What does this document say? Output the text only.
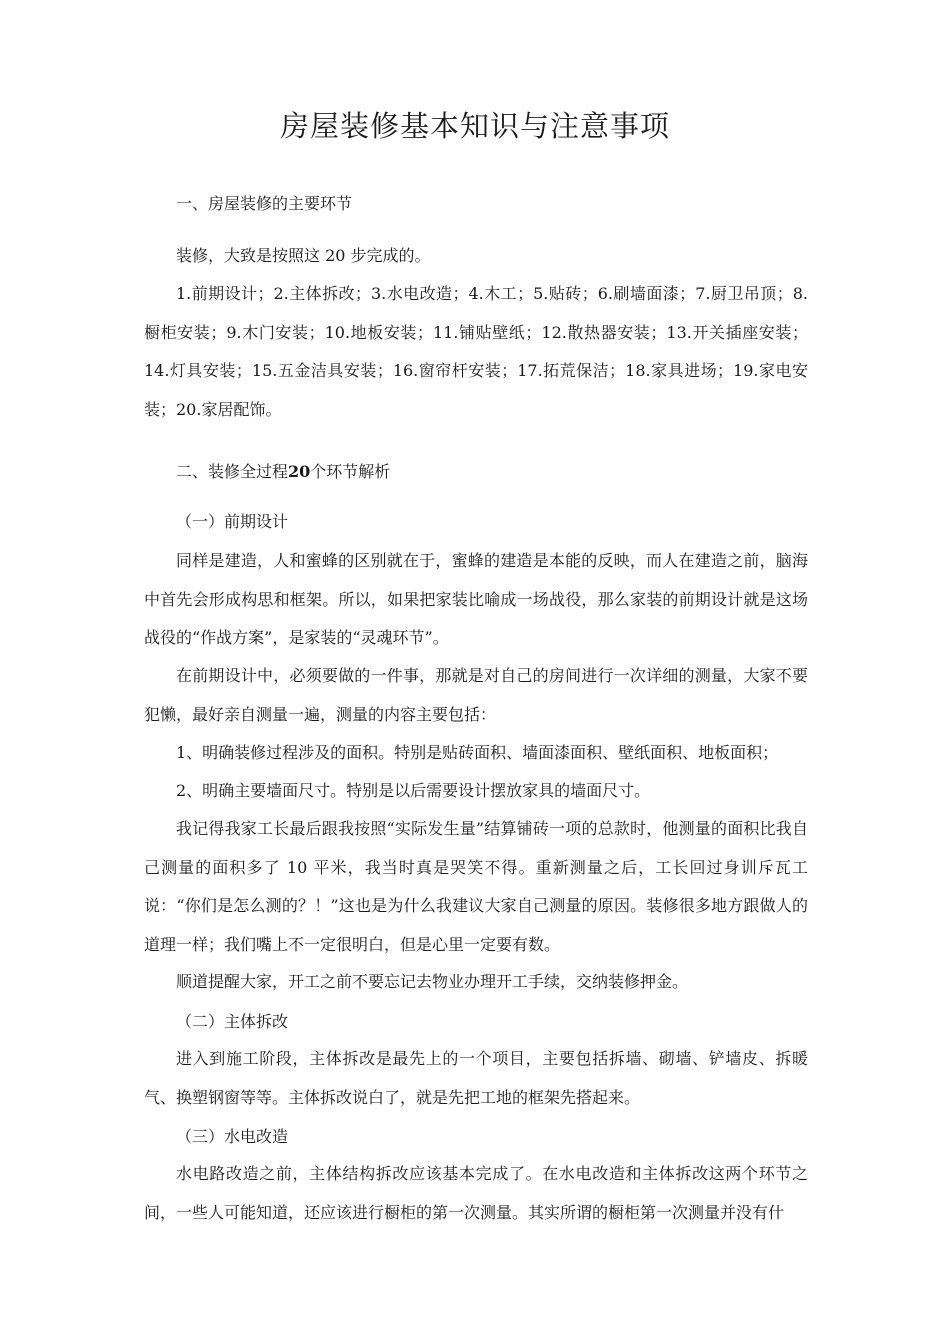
房屋装修基本知识与注意事项

一、房屋装修的主要环节

装修，大致是按照这 20 步完成的。

1.前期设计；2.主体拆改；3.水电改造；4.木工；5.贴砖；6.刷墙面漆；7.厨卫吊顶；8.橱柜安装；9.木门安装；10.地板安装；11.铺贴壁纸；12.散热器安装；13.开关插座安装；14.灯具安装；15.五金洁具安装；16.窗帘杆安装；17.拓荒保洁；18.家具进场；19.家电安装；20.家居配饰。

二、装修全过程20个环节解析

（一）前期设计

同样是建造，人和蜜蜂的区别就在于，蜜蜂的建造是本能的反映，而人在建造之前，脑海中首先会形成构思和框架。所以，如果把家装比喻成一场战役，那么家装的前期设计就是这场战役的“作战方案”，是家装的“灵魂环节”。

在前期设计中，必须要做的一件事，那就是对自己的房间进行一次详细的测量，大家不要犯懒，最好亲自测量一遍，测量的内容主要包括：

1、明确装修过程涉及的面积。特别是贴砖面积、墙面漆面积、壁纸面积、地板面积；

2、明确主要墙面尺寸。特别是以后需要设计摆放家具的墙面尺寸。

我记得我家工长最后跟我按照“实际发生量”结算铺砖一项的总款时，他测量的面积比我自己测量的面积多了 10 平米，我当时真是哭笑不得。重新测量之后，工长回过身训斥瓦工说：“你们是怎么测的？！”这也是为什么我建议大家自己测量的原因。装修很多地方跟做人的道理一样；我们嘴上不一定很明白，但是心里一定要有数。

顺道提醒大家，开工之前不要忘记去物业办理开工手续，交纳装修押金。

（二）主体拆改

进入到施工阶段，主体拆改是最先上的一个项目，主要包括拆墙、砌墙、铲墙皮、拆暖气、换塑钢窗等等。主体拆改说白了，就是先把工地的框架先搭起来。

（三）水电改造

水电路改造之前，主体结构拆改应该基本完成了。在水电改造和主体拆改这两个环节之间，一些人可能知道，还应该进行橱柜的第一次测量。其实所谓的橱柜第一次测量并没有什
